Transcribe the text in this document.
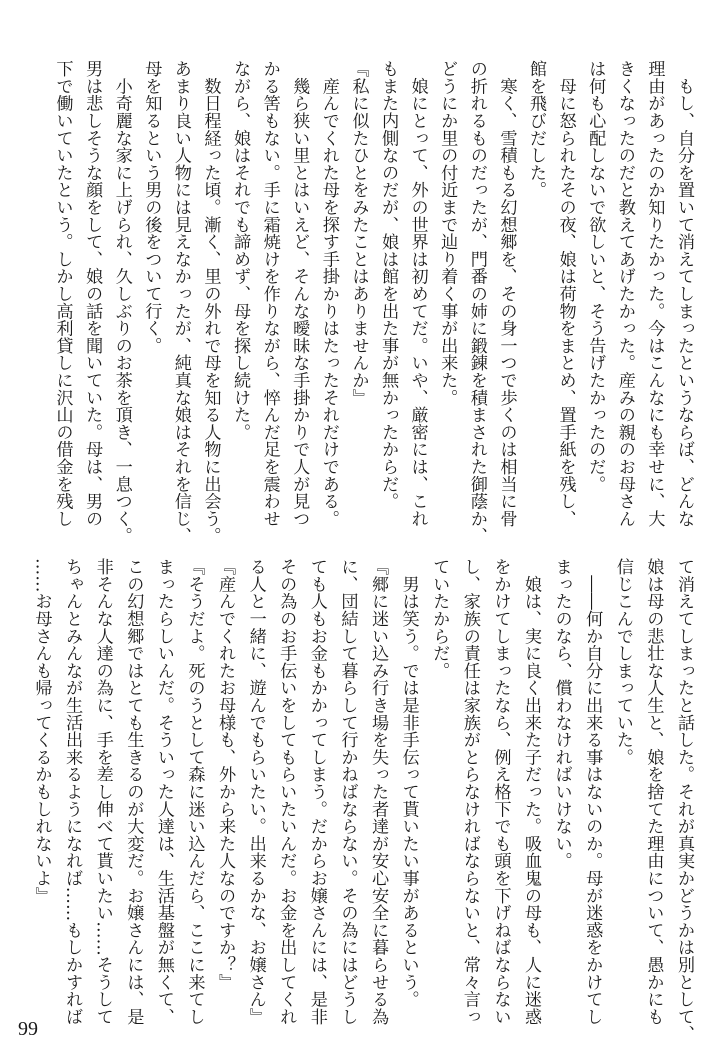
　もし、自分を置いて消えてしまったというならば、どんな
理由があったのか知りたかった。今はこんなにも幸せに、大
きくなったのだと教えてあげたかった。産みの親のお母さん
は何も心配しないで欲しいと、そう告げたかったのだ。
　母に怒られたその夜、娘は荷物をまとめ、置手紙を残し、
館を飛びだした。
　寒く、雪積もる幻想郷を、その身一つで歩くのは相当に骨
の折れるものだったが、門番の姉に鍛錬を積まされた御蔭か、
どうにか里の付近まで辿り着く事が出来た。
　娘にとって、外の世界は初めてだ。いや、厳密には、これ
もまた内側なのだが、娘は館を出た事が無かったからだ。
『私に似たひとをみたことはありませんか』
　産んでくれた母を探す手掛かりはたったそれだけである。
　幾ら狭い里とはいえど、そんな曖昧な手掛かりで人が見つ
かる筈もない。手に霜焼けを作りながら、悴んだ足を震わせ
ながら、娘はそれでも諦めず、母を探し続けた。
　数日程経った頃。漸く、里の外れで母を知る人物に出会う。
あまり良い人物には見えなかったが、純真な娘はそれを信じ、
母を知るという男の後をついて行く。
　小奇麗な家に上げられ、久しぶりのお茶を頂き、一息つく。
男は悲しそうな顔をして、娘の話を聞いていた。母は、男の
下で働いていたという。しかし高利貸しに沢山の借金を残し
て消えてしまったと話した。それが真実かどうかは別として、
娘は母の悲壮な人生と、娘を捨てた理由について、愚かにも
信じこんでしまっていた。
　――何か自分に出来る事はないのか。母が迷惑をかけてし
まったのなら、償わなければいけない。
　娘は、実に良く出来た子だった。吸血鬼の母も、人に迷惑
をかけてしまったなら、例え格下でも頭を下げねばならない
し、家族の責任は家族がとらなければならないと、常々言っ
ていたからだ。
　男は笑う。では是非手伝って貰いたい事があるという。
『郷に迷い込み行き場を失った者達が安心安全に暮らせる為
に、団結して暮らして行かねばならない。その為にはどうし
ても人もお金もかかってしまう。だからお嬢さんには、是非
その為のお手伝いをしてもらいたいんだ。お金を出してくれ
る人と一緒に、遊んでもらいたい。出来るかな、お嬢さん』
『産んでくれたお母様も、外から来た人なのですか？』
『そうだよ。死のうとして森に迷い込んだら、ここに来てし
まったらしいんだ。そういった人達は、生活基盤が無くて、
この幻想郷ではとても生きるのが大変だ。お嬢さんには、是
非そんな人達の為に、手を差し伸べて貰いたい……そうして
ちゃんとみんなが生活出来るようになれば……もしかすれば
……お母さんも帰ってくるかもしれないよ』
99
